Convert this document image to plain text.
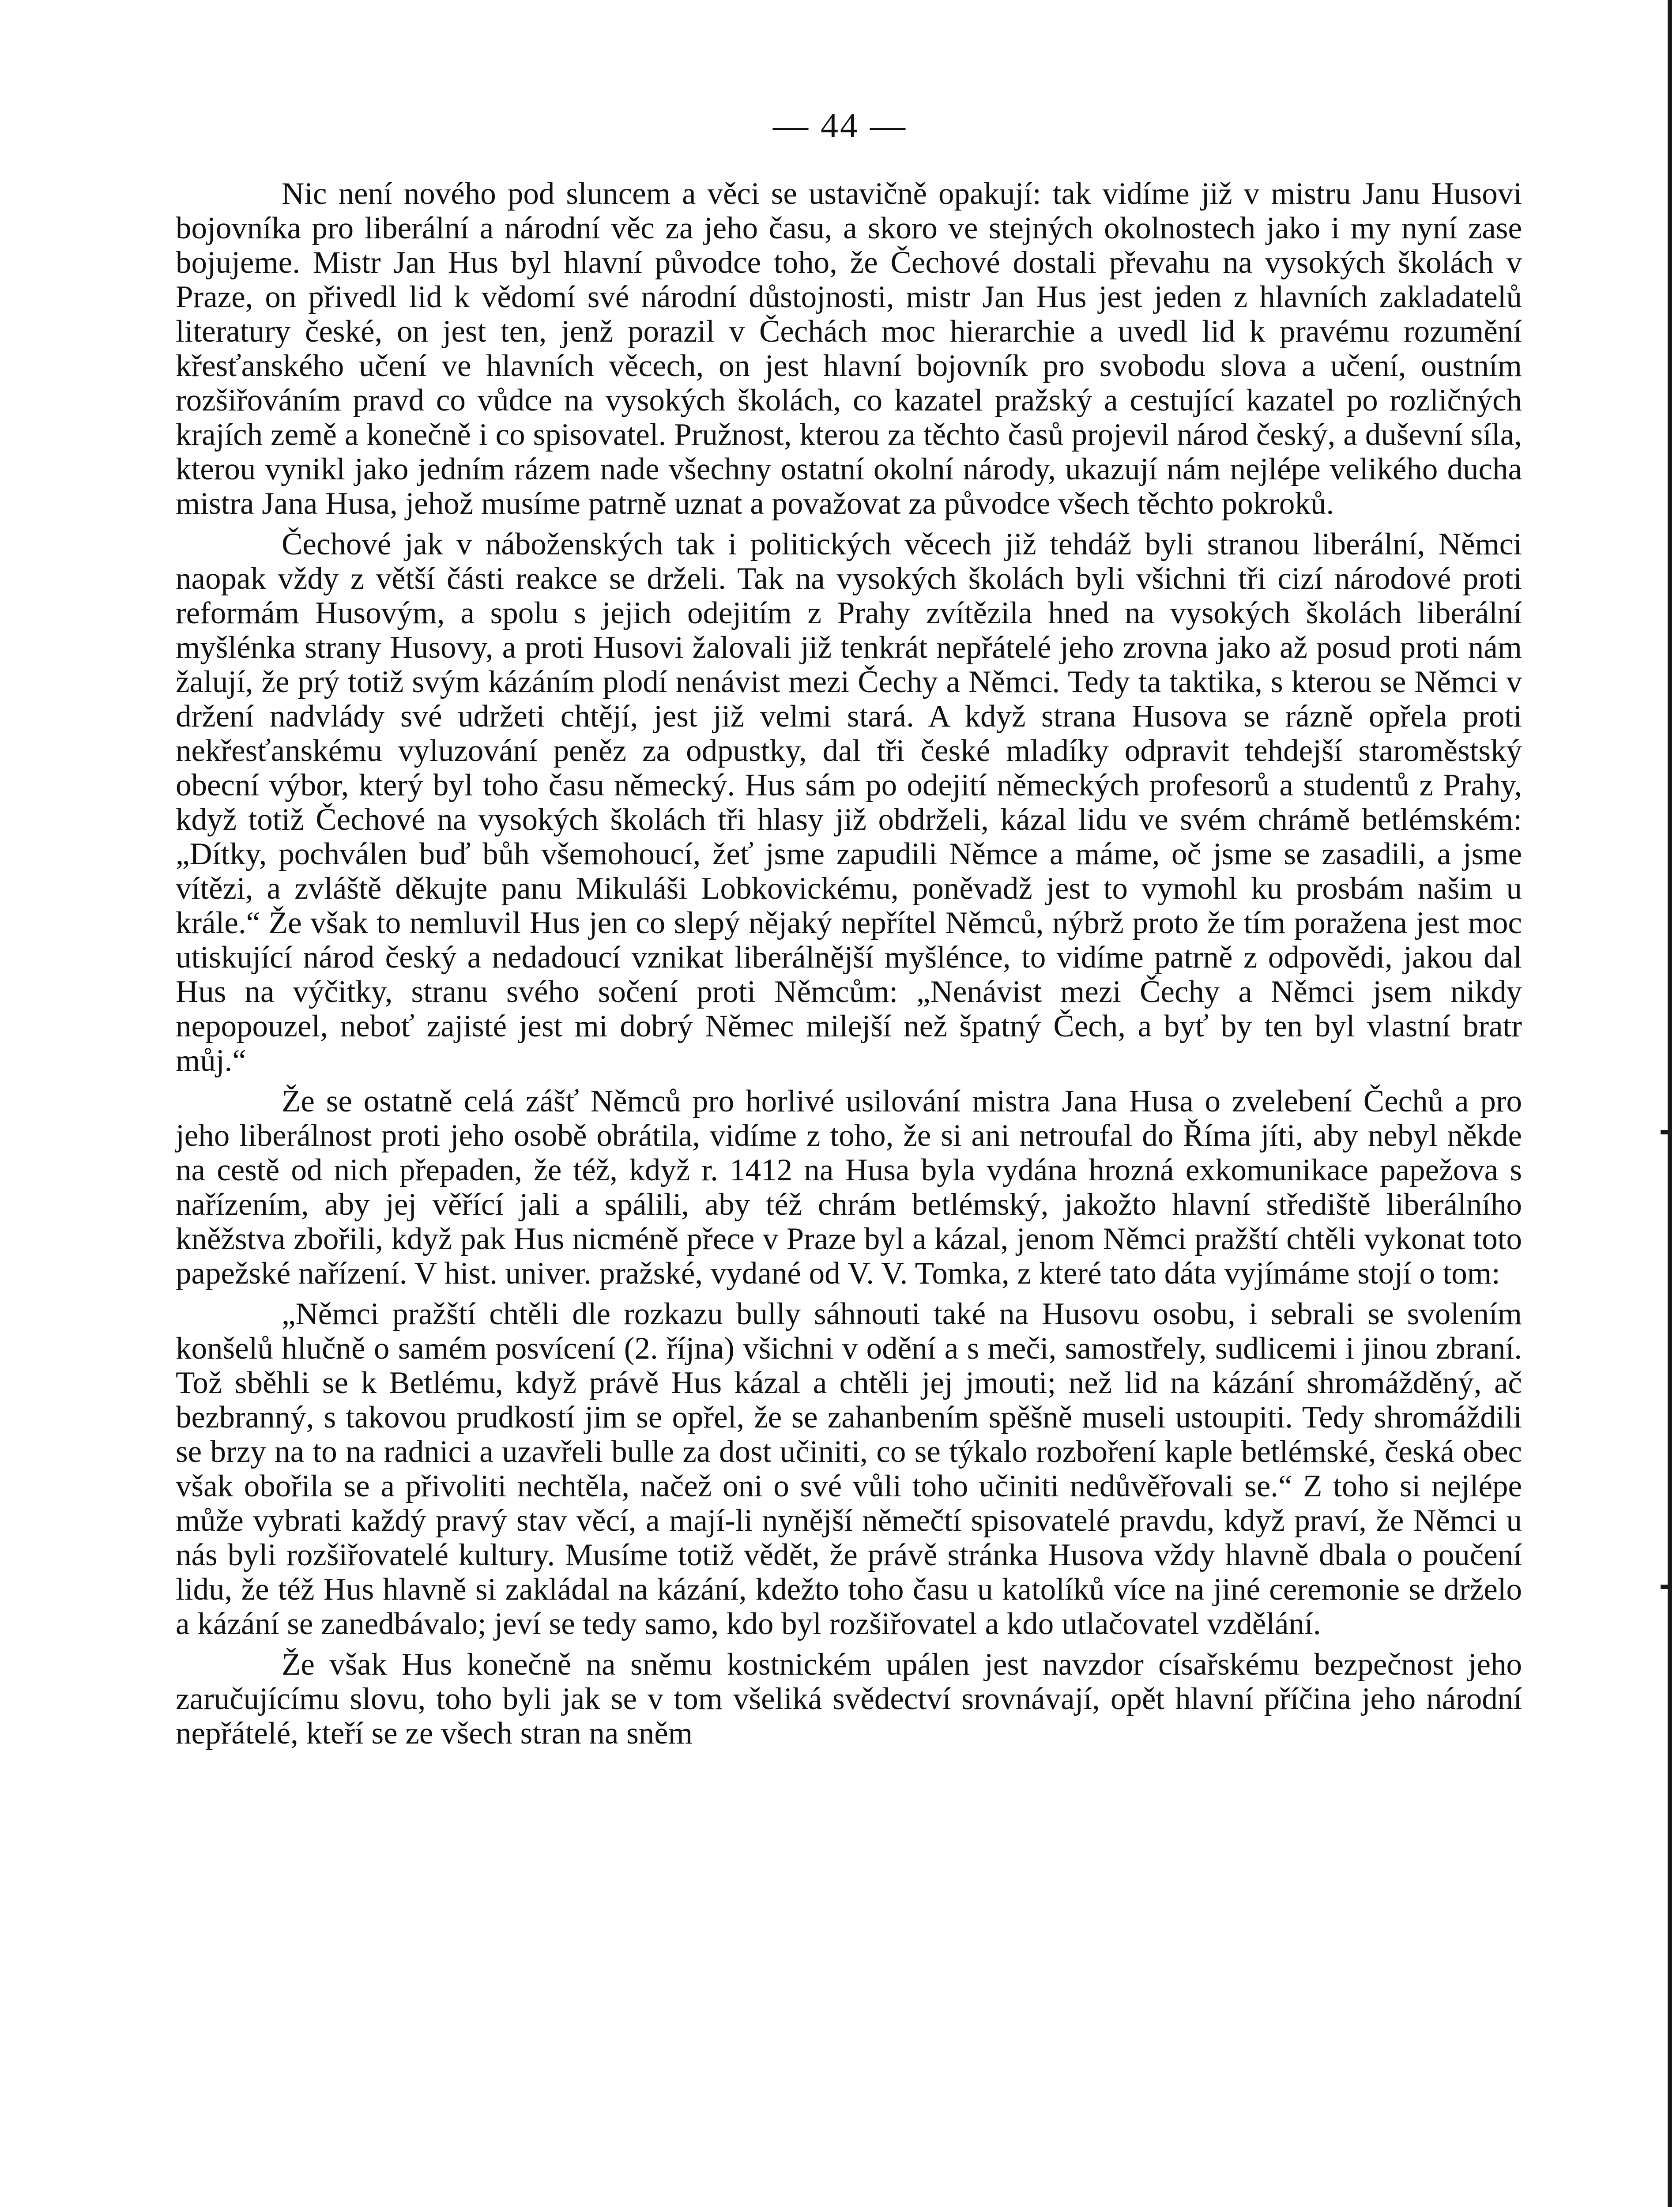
— 44 —

Nic není nového pod sluncem a věci se ustavičně opakují: tak vidíme již v mistru Janu Husovi bojovníka pro liberální a národní věc za jeho času, a skoro ve stejných okolnostech jako i my nyní zase bojujeme. Mistr Jan Hus byl hlavní původce toho, že Čechové dostali převahu na vysokých školách v Praze, on přivedl lid k vědomí své národní důstojnosti, mistr Jan Hus jest jeden z hlavních zakladatelů literatury české, on jest ten, jenž porazil v Čechách moc hierarchie a uvedl lid k pravému rozumění křesťanského učení ve hlavních věcech, on jest hlavní bojovník pro svobodu slova a učení, oustním rozšiřováním pravd co vůdce na vysokých školách, co kazatel pražský a cestující kazatel po rozličných krajích země a konečně i co spisovatel. Pružnost, kterou za těchto časů projevil národ český, a duševní síla, kterou vynikl jako jedním rázem nade všechny ostatní okolní národy, ukazují nám nejlépe velikého ducha mistra Jana Husa, jehož musíme patrně uznat a považovat za původce všech těchto pokroků.

Čechové jak v náboženských tak i politických věcech již tehdáž byli stranou liberální, Němci naopak vždy z větší části reakce se drželi. Tak na vysokých školách byli všichni tři cizí národové proti reformám Husovým, a spolu s jejich odejitím z Prahy zvítězila hned na vysokých školách liberální myšlénka strany Husovy, a proti Husovi žalovali již tenkrát nepřátelé jeho zrovna jako až posud proti nám žalují, že prý totiž svým kázáním plodí nenávist mezi Čechy a Němci. Tedy ta taktika, s kterou se Němci v držení nadvlády své udržeti chtějí, jest již velmi stará. A když strana Husova se rázně opřela proti nekřesťanskému vyluzování peněz za odpustky, dal tři české mladíky odpravit tehdejší staroměstský obecní výbor, který byl toho času německý. Hus sám po odejití německých profesorů a studentů z Prahy, když totiž Čechové na vysokých školách tři hlasy již obdrželi, kázal lidu ve svém chrámě betlémském: „Dítky, pochválen buď bůh všemohoucí, žeť jsme zapudili Němce a máme, oč jsme se zasadili, a jsme vítězi, a zvláště děkujte panu Mikuláši Lobkovickému, poněvadž jest to vymohl ku prosbám našim u krále.“ Že však to nemluvil Hus jen co slepý nějaký nepřítel Němců, nýbrž proto že tím poražena jest moc utiskující národ český a nedadoucí vznikat liberálnější myšlénce, to vidíme patrně z odpovědi, jakou dal Hus na výčitky, stranu svého sočení proti Němcům: „Nenávist mezi Čechy a Němci jsem nikdy nepopouzel, neboť zajisté jest mi dobrý Němec milejší než špatný Čech, a byť by ten byl vlastní bratr můj.“

Že se ostatně celá zášť Němců pro horlivé usilování mistra Jana Husa o zvelebení Čechů a pro jeho liberálnost proti jeho osobě obrátila, vidíme z toho, že si ani netroufal do Říma jíti, aby nebyl někde na cestě od nich přepaden, že též, když r. 1412 na Husa byla vydána hrozná exkomunikace papežova s nařízením, aby jej věřící jali a spálili, aby též chrám betlémský, jakožto hlavní střediště liberálního kněžstva zbořili, když pak Hus nicméně přece v Praze byl a kázal, jenom Němci pražští chtěli vykonat toto papežské nařízení. V hist. univer. pražské, vydané od V. V. Tomka, z které tato dáta vyjímáme stojí o tom:

„Němci pražští chtěli dle rozkazu bully sáhnouti také na Husovu osobu, i sebrali se svolením konšelů hlučně o samém posvícení (2. října) všichni v odění a s meči, samostřely, sudlicemi i jinou zbraní. Tož sběhli se k Betlému, když právě Hus kázal a chtěli jej jmouti; než lid na kázání shromážděný, ač bezbranný, s takovou prudkostí jim se opřel, že se zahanbením spěšně museli ustoupiti. Tedy shromáždili se brzy na to na radnici a uzavřeli bulle za dost učiniti, co se týkalo rozboření kaple betlémské, česká obec však obořila se a přivoliti nechtěla, načež oni o své vůli toho učiniti nedůvěřovali se.“ Z toho si nejlépe může vybrati každý pravý stav věcí, a mají-li nynější němečtí spisovatelé pravdu, když praví, že Němci u nás byli rozšiřovatelé kultury. Musíme totiž vědět, že právě stránka Husova vždy hlavně dbala o poučení lidu, že též Hus hlavně si zakládal na kázání, kdežto toho času u katolíků více na jiné ceremonie se drželo a kázání se zanedbávalo; jeví se tedy samo, kdo byl rozšiřovatel a kdo utlačovatel vzdělání.

Že však Hus konečně na sněmu kostnickém upálen jest navzdor císařskému bezpečnost jeho zaručujícímu slovu, toho byli jak se v tom všeliká svědectví srovnávají, opět hlavní příčina jeho národní nepřátelé, kteří se ze všech stran na sněm
